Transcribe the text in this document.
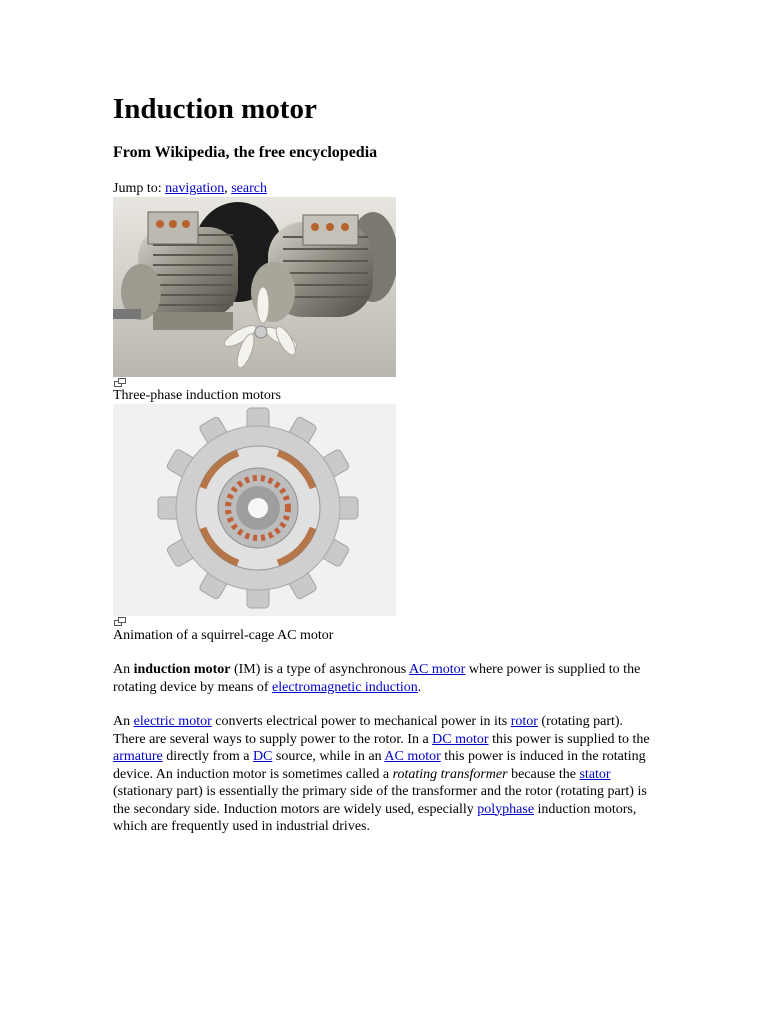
Induction motor
From Wikipedia, the free encyclopedia
Jump to: navigation, search
Three-phase induction motors
Animation of a squirrel-cage AC motor

An induction motor (IM) is a type of asynchronous AC motor where power is supplied to the rotating device by means of electromagnetic induction.

An electric motor converts electrical power to mechanical power in its rotor (rotating part). There are several ways to supply power to the rotor. In a DC motor this power is supplied to the armature directly from a DC source, while in an AC motor this power is induced in the rotating device. An induction motor is sometimes called a rotating transformer because the stator (stationary part) is essentially the primary side of the transformer and the rotor (rotating part) is the secondary side. Induction motors are widely used, especially polyphase induction motors, which are frequently used in industrial drives.
